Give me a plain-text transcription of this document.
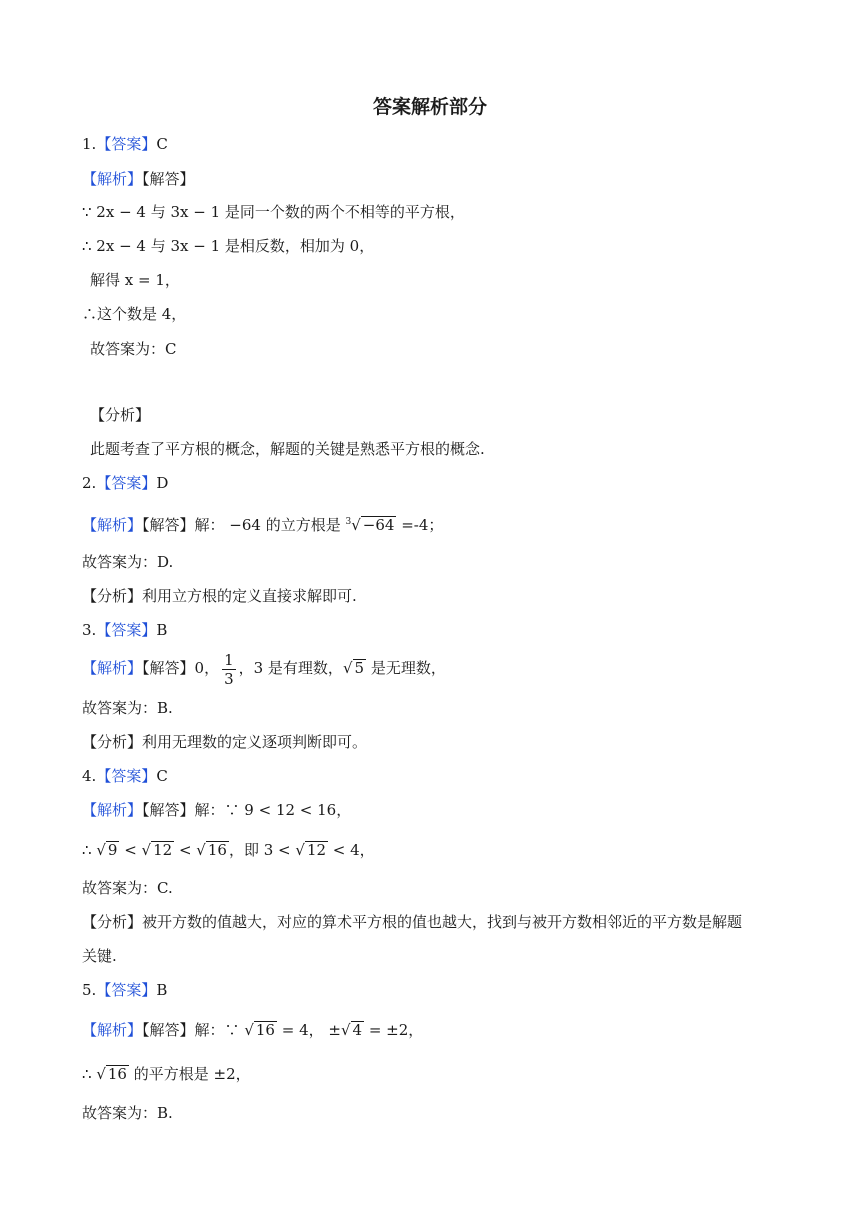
答案解析部分
1.【答案】C
【解析】【解答】
∵ 2x − 4 与 3x − 1 是同一个数的两个不相等的平方根，
∴ 2x − 4 与 3x − 1 是相反数，相加为 0，
解得 x = 1，
∴这个数是 4，
故答案为：C
【分析】
此题考查了平方根的概念，解题的关键是熟悉平方根的概念.
2.【答案】D
【解析】【解答】解： −64 的立方根是 $^3$√ −64 =-4；
故答案为：D.
【分析】利用立方根的定义直接求解即可.
3.【答案】B
【解析】【解答】0， $\frac{1}{3}$ ，3 是有理数，√ 5 是无理数，
故答案为：B.
【分析】利用无理数的定义逐项判断即可。
4.【答案】C
【解析】【解答】解：∵ 9 < 12 < 16，
∴ √ 9 < √ 12 < √ 16 ，即 3 < √ 12 < 4，
故答案为：C.
【分析】被开方数的值越大，对应的算术平方根的值也越大，找到与被开方数相邻近的平方数是解题
关键.
5.【答案】B
【解析】【解答】解：∵ √ 16 = 4， ±√ 4 = ±2，
∴ √ 16 的平方根是 ±2，
故答案为：B.
